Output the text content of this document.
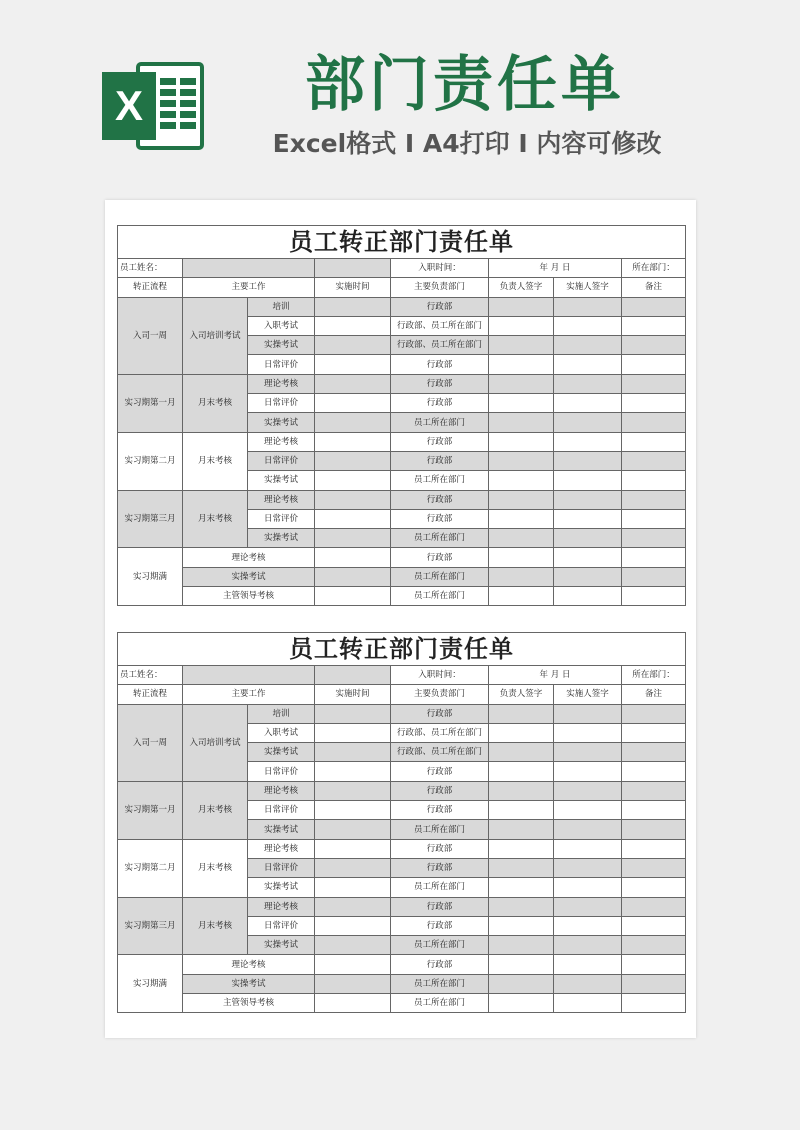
X	部门责任单
Excel格式 I A4打印 I 内容可修改
员工转正部门责任单								
员工姓名：				入职时间：	年 月 日		所在部门：	
转正流程	主要工作		实施时间	主要负责部门	负责人签字	实施人签字	备注	
入司一周	入司培训考试	培训		行政部				
		入职考试		行政部、员工所在部门				
		实操考试		行政部、员工所在部门				
		日常评价		行政部				
实习期第一月	月末考核	理论考核		行政部				
		日常评价		行政部				
		实操考试		员工所在部门				
实习期第二月	月末考核	理论考核		行政部				
		日常评价		行政部				
		实操考试		员工所在部门				
实习期第三月	月末考核	理论考核		行政部				
		日常评价		行政部				
		实操考试		员工所在部门				
实习期满	理论考核			行政部				
	实操考试			员工所在部门				
	主管领导考核			员工所在部门				
员工转正部门责任单								
员工姓名：				入职时间：	年 月 日		所在部门：	
转正流程	主要工作		实施时间	主要负责部门	负责人签字	实施人签字	备注	
入司一周	入司培训考试	培训		行政部				
		入职考试		行政部、员工所在部门				
		实操考试		行政部、员工所在部门				
		日常评价		行政部				
实习期第一月	月末考核	理论考核		行政部				
		日常评价		行政部				
		实操考试		员工所在部门				
实习期第二月	月末考核	理论考核		行政部				
		日常评价		行政部				
		实操考试		员工所在部门				
实习期第三月	月末考核	理论考核		行政部				
		日常评价		行政部				
		实操考试		员工所在部门				
实习期满	理论考核			行政部				
	实操考试			员工所在部门				
	主管领导考核			员工所在部门				
